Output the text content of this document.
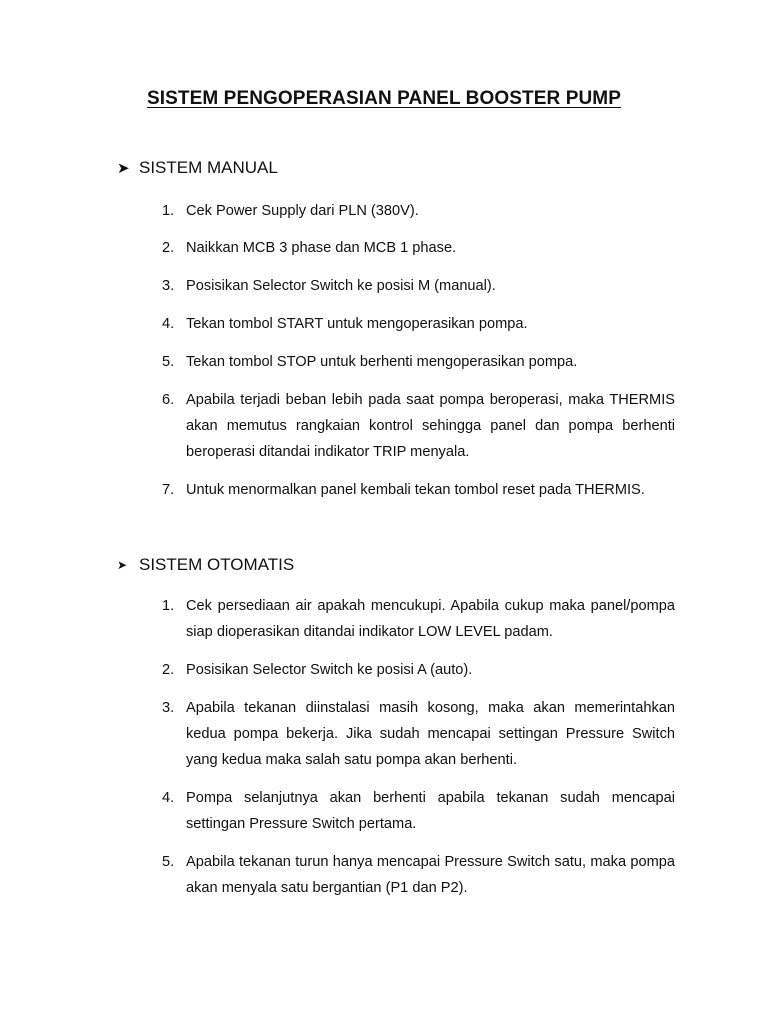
SISTEM PENGOPERASIAN PANEL BOOSTER PUMP
➤ SISTEM MANUAL
1. Cek Power Supply dari PLN (380V).
2. Naikkan MCB 3 phase dan MCB 1 phase.
3. Posisikan Selector Switch ke posisi M (manual).
4. Tekan tombol START untuk mengoperasikan pompa.
5. Tekan tombol STOP untuk berhenti mengoperasikan pompa.
6. Apabila terjadi beban lebih pada saat pompa beroperasi, maka THERMIS akan memutus rangkaian kontrol sehingga panel dan pompa berhenti beroperasi ditandai indikator TRIP menyala.
7. Untuk menormalkan panel kembali tekan tombol reset pada THERMIS.
➤ SISTEM OTOMATIS
1. Cek persediaan air apakah mencukupi. Apabila cukup maka panel/pompa siap dioperasikan ditandai indikator LOW LEVEL padam.
2. Posisikan Selector Switch ke posisi A (auto).
3. Apabila tekanan diinstalasi masih kosong, maka akan memerintahkan kedua pompa bekerja. Jika sudah mencapai settingan Pressure Switch yang kedua maka salah satu pompa akan berhenti.
4. Pompa selanjutnya akan berhenti apabila tekanan sudah mencapai settingan Pressure Switch pertama.
5. Apabila tekanan turun hanya mencapai Pressure Switch satu, maka pompa akan menyala satu bergantian (P1 dan P2).
